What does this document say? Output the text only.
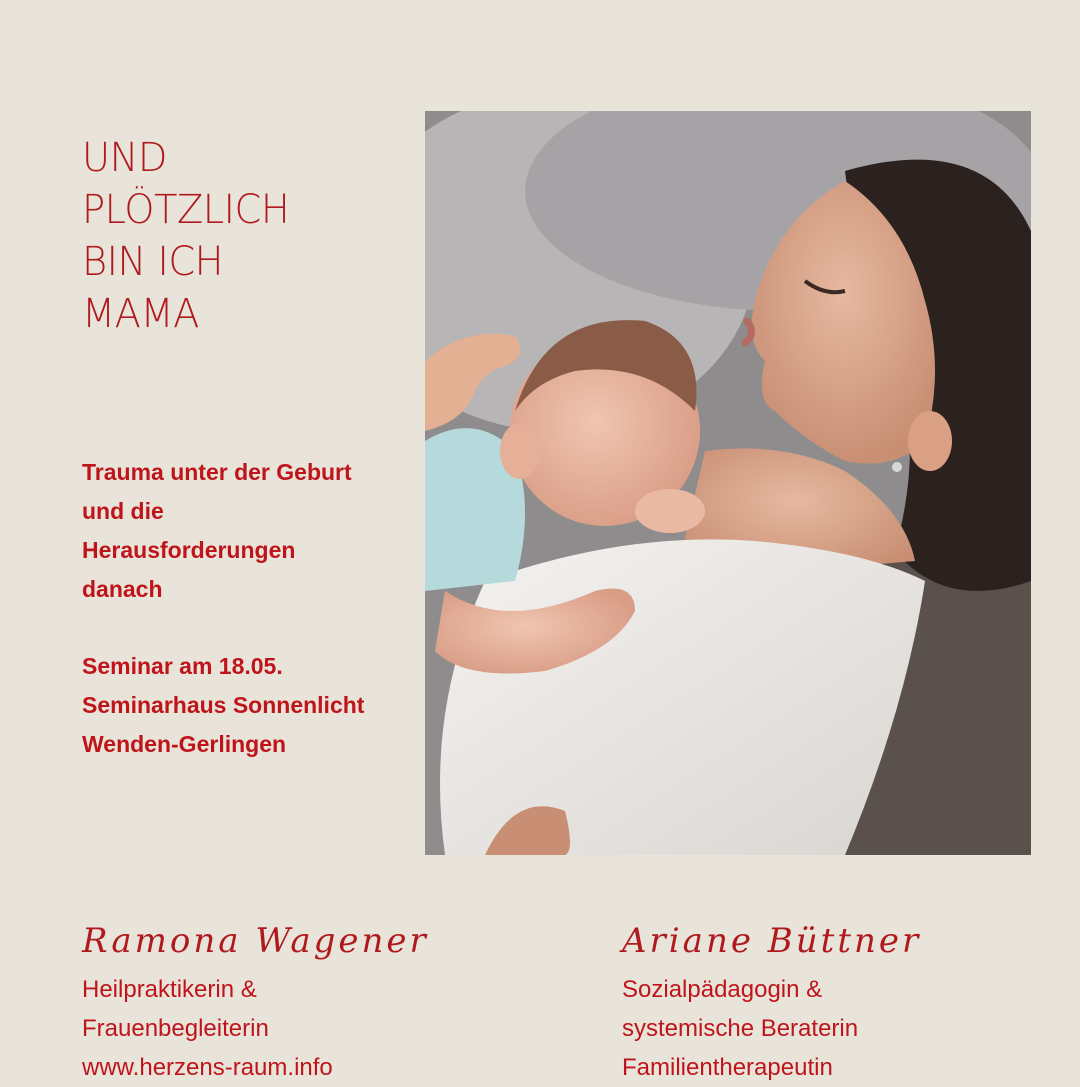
UND
PLÖTZLICH
BIN ICH
MAMA
Trauma unter der Geburt
und die
Herausforderungen
danach
Seminar am 18.05.
Seminarhaus Sonnenlicht
Wenden-Gerlingen
Ramona Wagener
Heilpraktikerin &
Frauenbegleiterin
www.herzens-raum.info
Ariane Büttner
Sozialpädagogin &
systemische Beraterin
Familientherapeutin
